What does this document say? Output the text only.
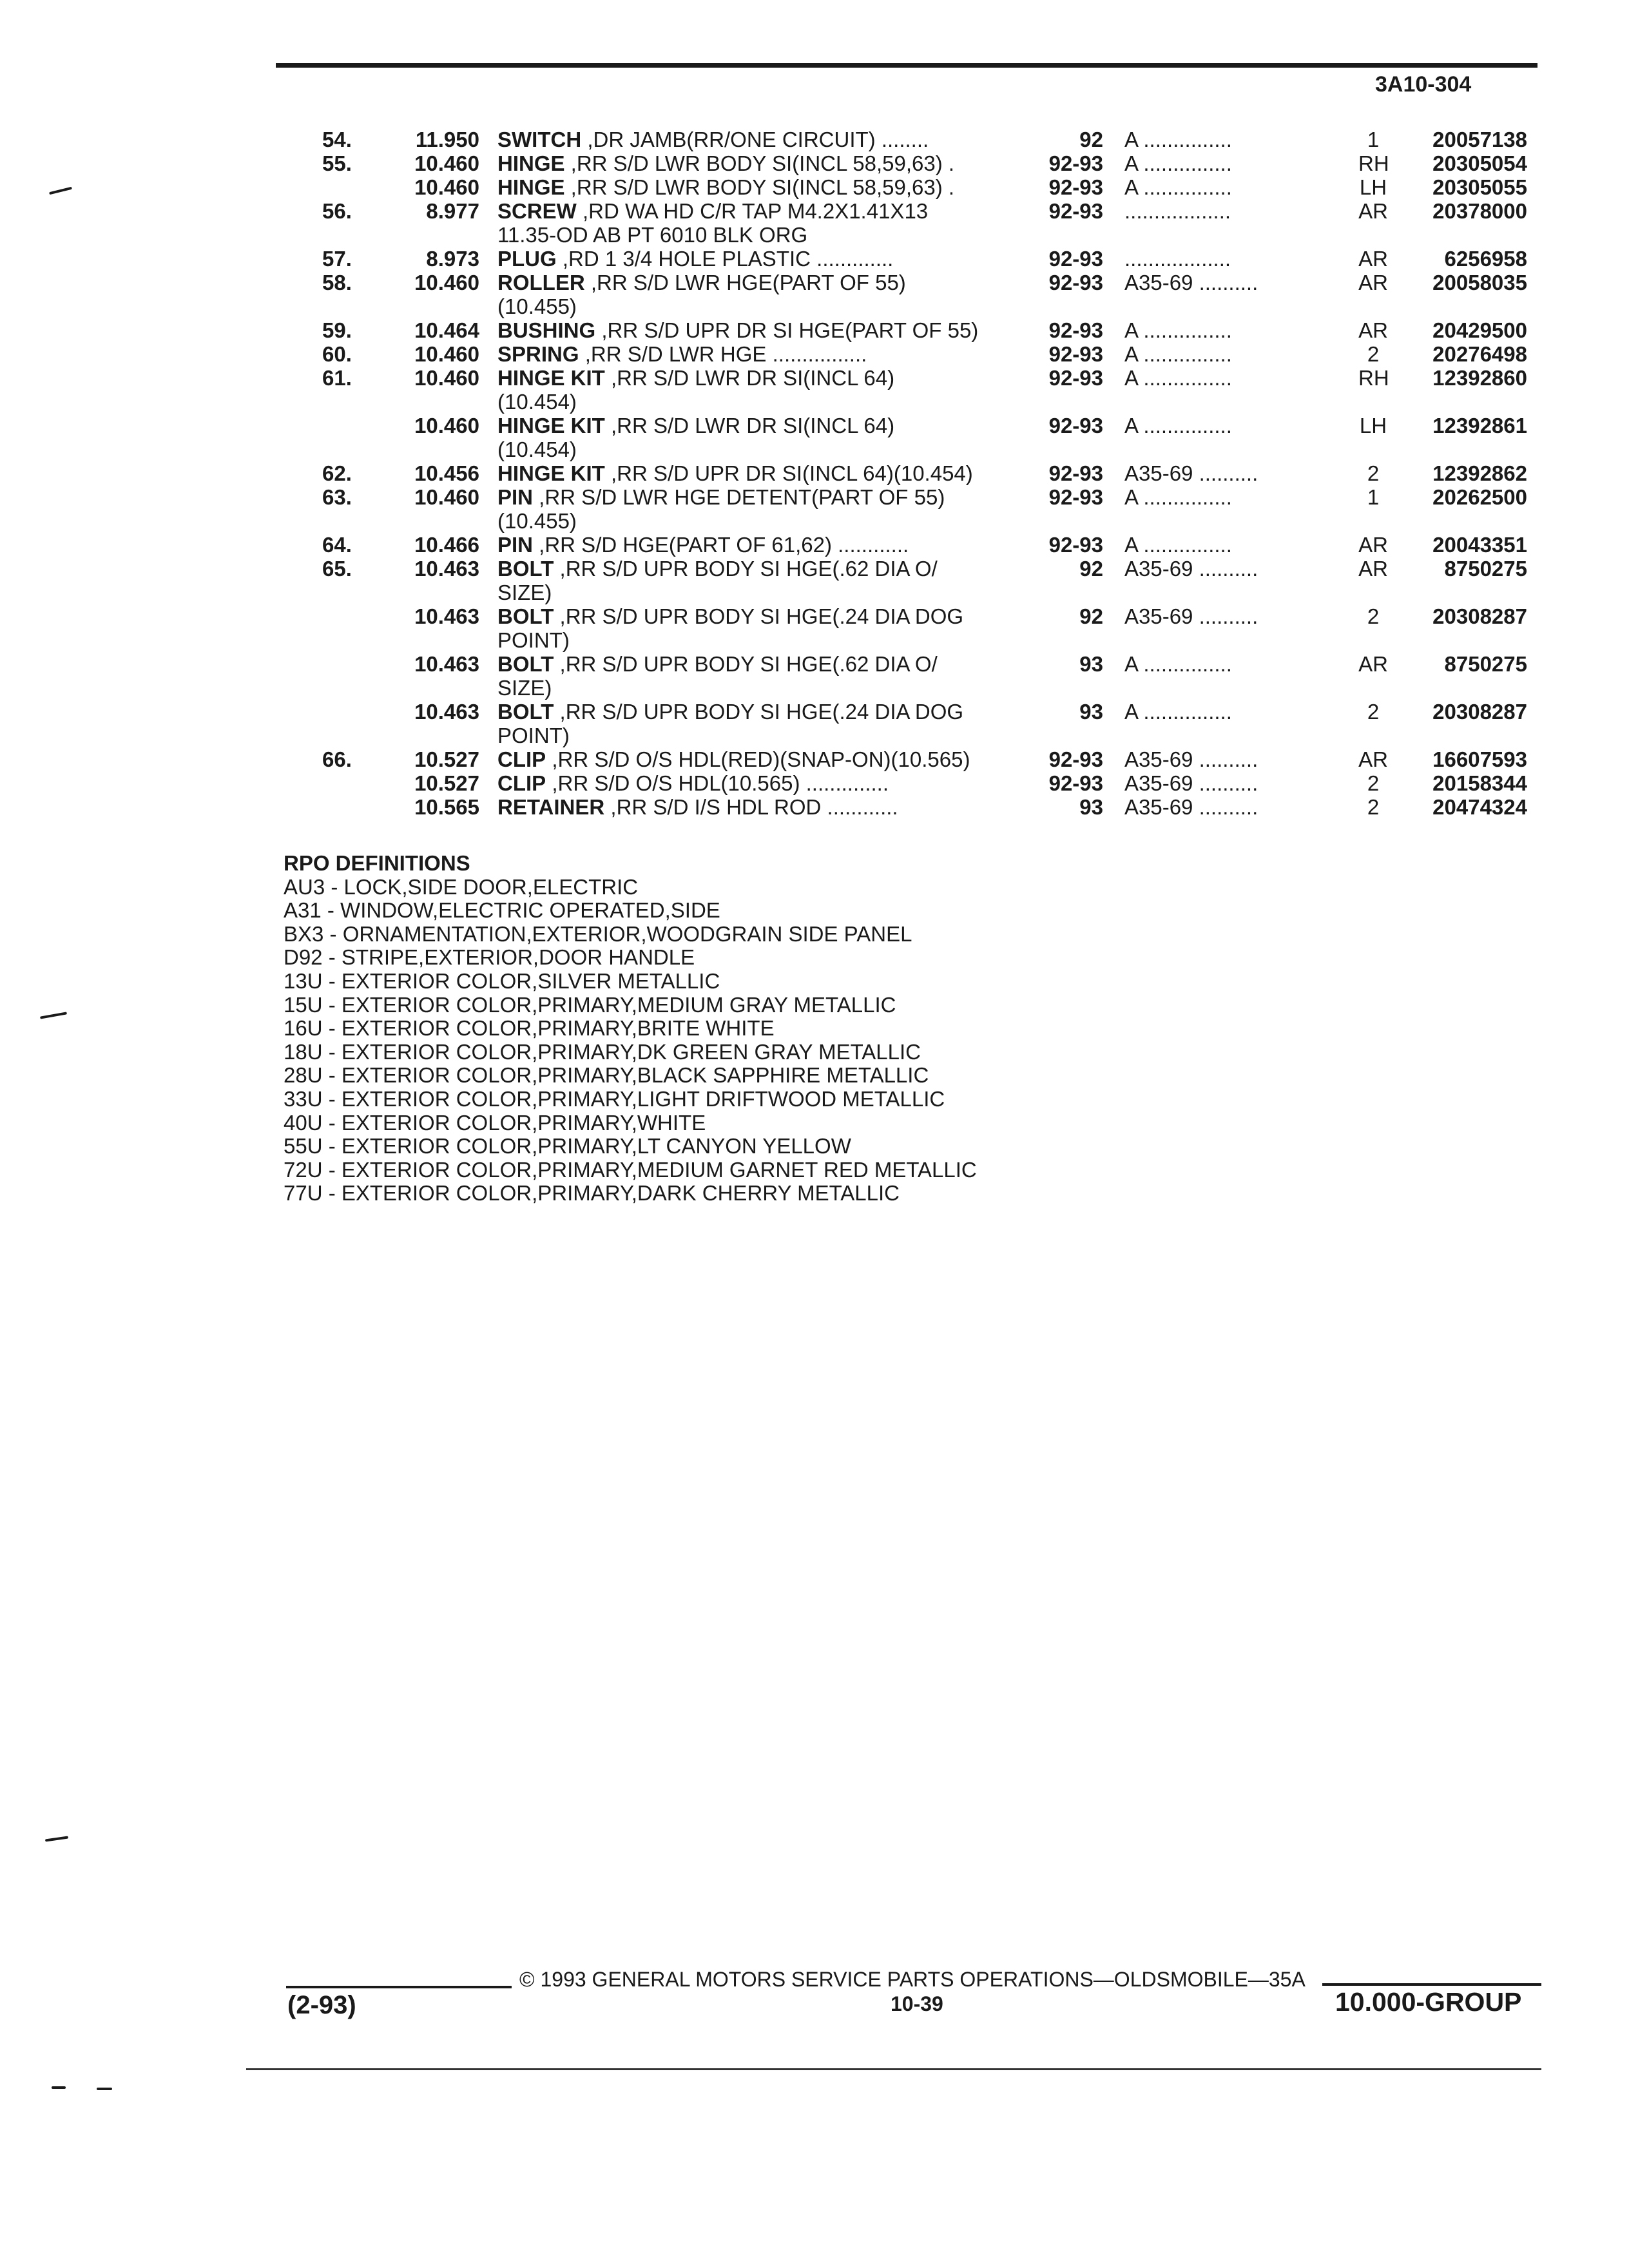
3A10-304
54.	11.950	92 A ...............	1	20057138
SWITCH ,DR JAMB(RR/ONE CIRCUIT) ........
55.	10.460	92-93 A ...............	RH	20305054
HINGE ,RR S/D LWR BODY SI(INCL 58,59,63) .
10.460	92-93 A ...............	LH	20305055
HINGE ,RR S/D LWR BODY SI(INCL 58,59,63) .
56.	8.977	92-93 ..................	AR	20378000
SCREW ,RD WA HD C/R TAP M4.2X1.41X13
11.35-OD AB PT 6010 BLK ORG
57.	8.973	92-93 ..................	AR	6256958
PLUG ,RD 1 3/4 HOLE PLASTIC .............
58.	10.460	92-93 A35-69 ..........	AR	20058035
ROLLER ,RR S/D LWR HGE(PART OF 55)
(10.455)
59.	10.464	92-93 A ...............	AR	20429500
BUSHING ,RR S/D UPR DR SI HGE(PART OF 55)
60.	10.460	92-93 A ...............	2	20276498
SPRING ,RR S/D LWR HGE ................
61.	10.460	92-93 A ...............	RH	12392860
HINGE KIT ,RR S/D LWR DR SI(INCL 64)
(10.454)
10.460	92-93 A ...............	LH	12392861
HINGE KIT ,RR S/D LWR DR SI(INCL 64)
(10.454)
62.	10.456	92-93 A35-69 ..........	2	12392862
HINGE KIT ,RR S/D UPR DR SI(INCL 64)(10.454)
63.	10.460	92-93 A ...............	1	20262500
PIN ,RR S/D LWR HGE DETENT(PART OF 55)
(10.455)
64.	10.466	92-93 A ...............	AR	20043351
PIN ,RR S/D HGE(PART OF 61,62) ............
65.	10.463	92 A35-69 ..........	AR	8750275
BOLT ,RR S/D UPR BODY SI HGE(.62 DIA O/
SIZE)
10.463	92 A35-69 ..........	2	20308287
BOLT ,RR S/D UPR BODY SI HGE(.24 DIA DOG
POINT)
10.463	93 A ...............	AR	8750275
BOLT ,RR S/D UPR BODY SI HGE(.62 DIA O/
SIZE)
10.463	93 A ...............	2	20308287
BOLT ,RR S/D UPR BODY SI HGE(.24 DIA DOG
POINT)
66.	10.527	92-93 A35-69 ..........	AR	16607593
CLIP ,RR S/D O/S HDL(RED)(SNAP-ON)(10.565)
10.527	92-93 A35-69 ..........	2	20158344
CLIP ,RR S/D O/S HDL(10.565) ..............
10.565	93 A35-69 ..........	2	20474324
RETAINER ,RR S/D I/S HDL ROD ............
RPO DEFINITIONS
AU3 - LOCK,SIDE DOOR,ELECTRIC
A31 - WINDOW,ELECTRIC OPERATED,SIDE
BX3 - ORNAMENTATION,EXTERIOR,WOODGRAIN SIDE PANEL
D92 - STRIPE,EXTERIOR,DOOR HANDLE
13U - EXTERIOR COLOR,SILVER METALLIC
15U - EXTERIOR COLOR,PRIMARY,MEDIUM GRAY METALLIC
16U - EXTERIOR COLOR,PRIMARY,BRITE WHITE
18U - EXTERIOR COLOR,PRIMARY,DK GREEN GRAY METALLIC
28U - EXTERIOR COLOR,PRIMARY,BLACK SAPPHIRE METALLIC
33U - EXTERIOR COLOR,PRIMARY,LIGHT DRIFTWOOD METALLIC
40U - EXTERIOR COLOR,PRIMARY,WHITE
55U - EXTERIOR COLOR,PRIMARY,LT CANYON YELLOW
72U - EXTERIOR COLOR,PRIMARY,MEDIUM GARNET RED METALLIC
77U - EXTERIOR COLOR,PRIMARY,DARK CHERRY METALLIC
(2-93)
© 1993 GENERAL MOTORS SERVICE PARTS OPERATIONS—OLDSMOBILE—35A
10-39	10.000-GROUP
